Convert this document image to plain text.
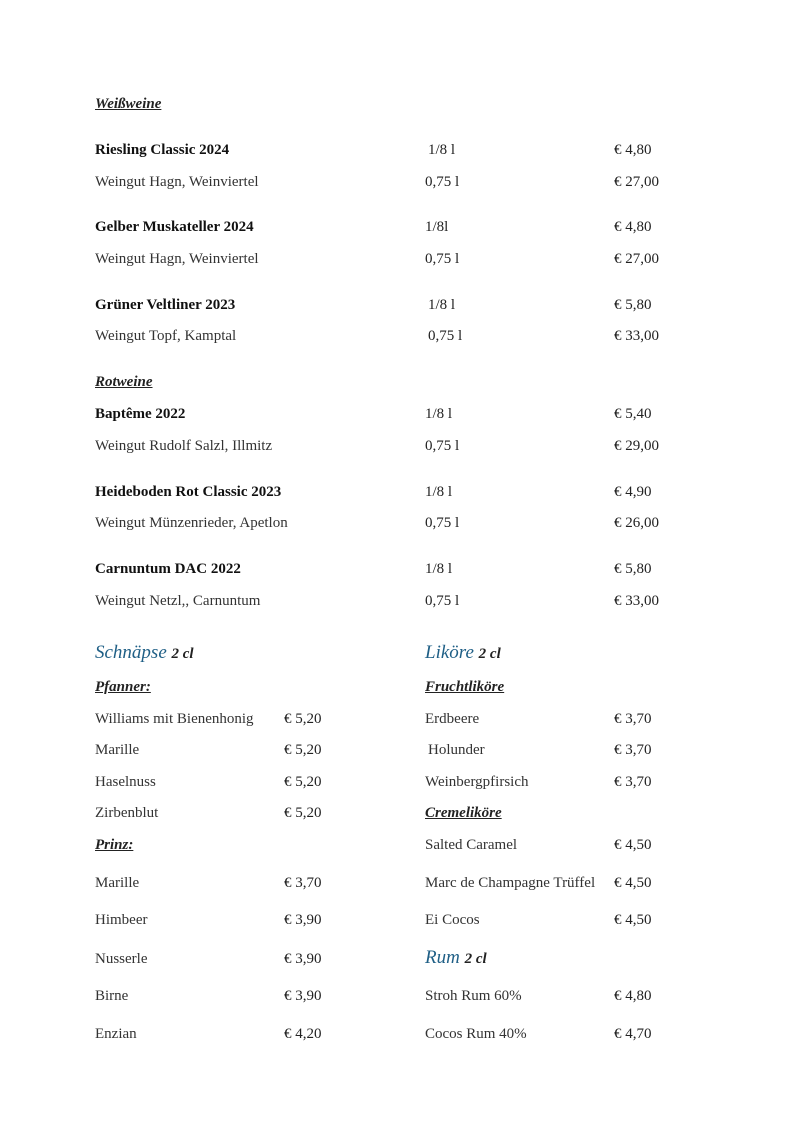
Weißweine
Riesling Classic 2024	1/8 l	€ 4,80
Weingut Hagn, Weinviertel	0,75 l	€ 27,00
Gelber Muskateller 2024	1/8l	€ 4,80
Weingut Hagn, Weinviertel	0,75 l	€ 27,00
Grüner Veltliner 2023	1/8 l	€ 5,80
Weingut Topf, Kamptal	0,75 l	€ 33,00
Rotweine
Baptême 2022	1/8 l	€ 5,40
Weingut Rudolf Salzl, Illmitz	0,75 l	€ 29,00
Heideboden Rot Classic 2023	1/8 l	€ 4,90
Weingut Münzenrieder, Apetlon	0,75 l	€ 26,00
Carnuntum DAC 2022	1/8 l	€ 5,80
Weingut Netzl,, Carnuntum	0,75 l	€ 33,00
Schnäpse 2 cl
Pfanner:
Williams mit Bienenhonig € 5,20
Marille	€ 5,20
Haselnuss	€ 5,20
Zirbenblut	€ 5,20
Prinz:
Marille	€ 3,70
Himbeer	€ 3,90
Nusserle	€ 3,90
Birne	€ 3,90
Enzian	€ 4,20
Liköre 2 cl
Fruchtliköre
Erdbeere	€ 3,70
Holunder	€ 3,70
Weinbergpfirsich	€ 3,70
Cremeliköre
Salted Caramel	€ 4,50
Marc de Champagne Trüffel € 4,50
Ei Cocos	€ 4,50
Rum 2 cl
Stroh Rum 60%	€ 4,80
Cocos Rum 40%	€ 4,70
